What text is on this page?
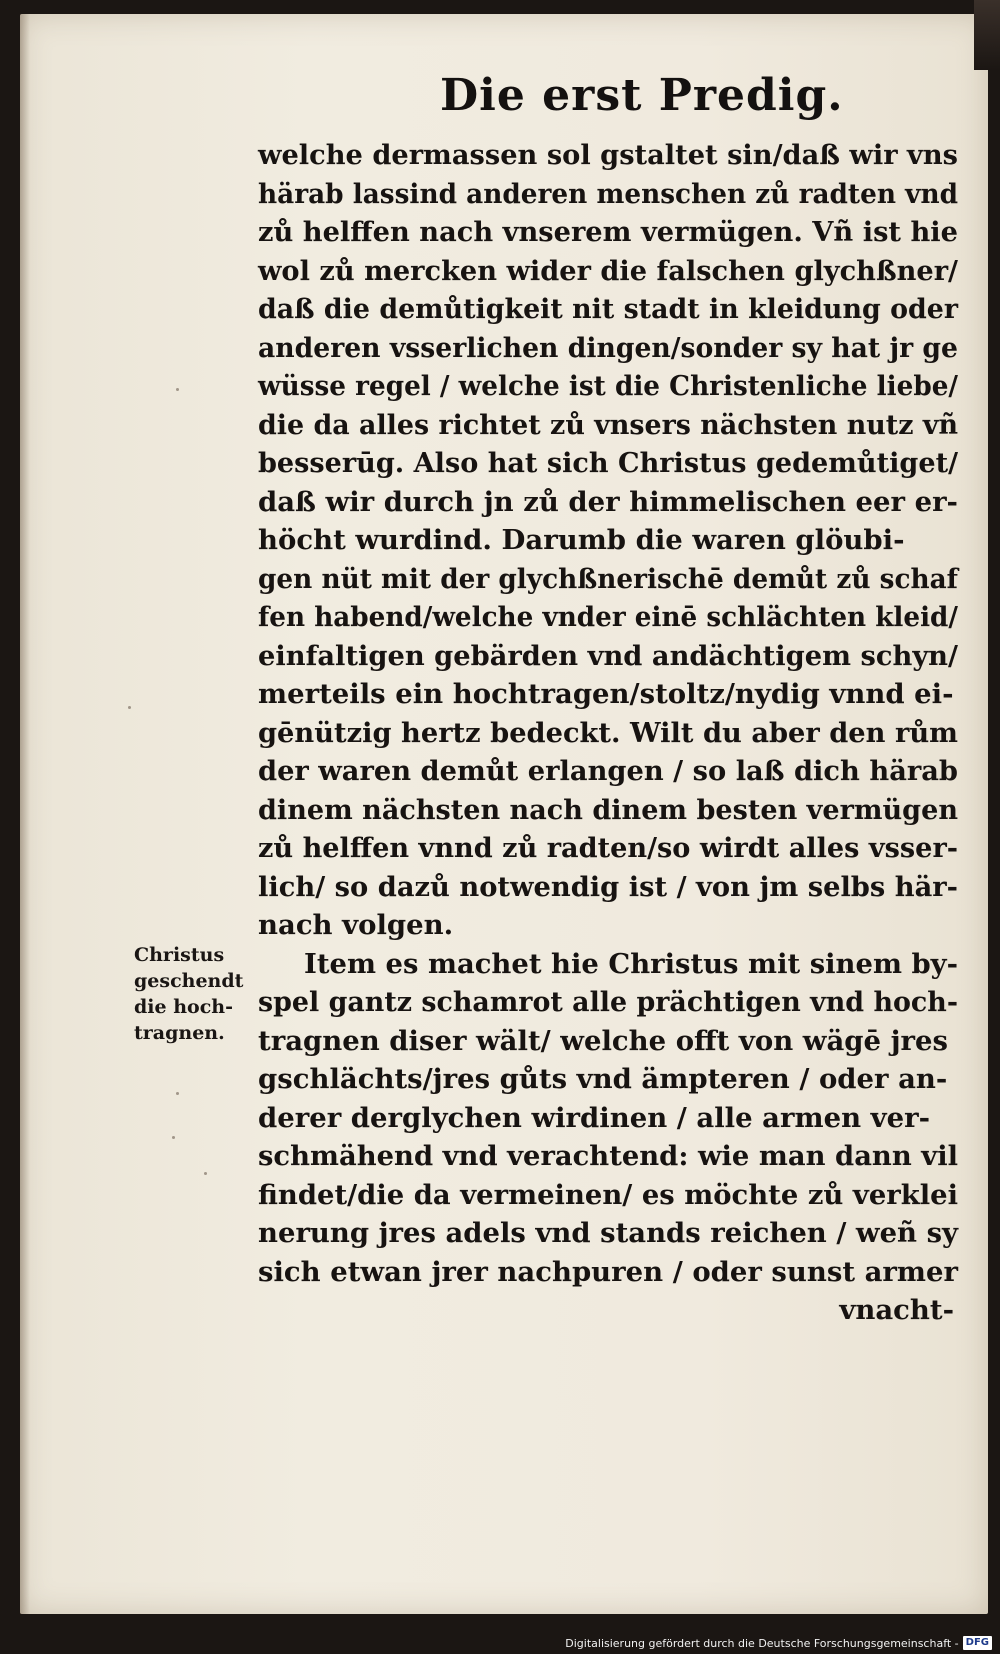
Die erst Predig.
welche dermassen sol gstaltet sin/daß wir vns
härab lassind anderen menschen zů radten vnd
zů helffen nach vnserem vermügen. Vñ ist hie
wol zů mercken wider die falschen glychßner/
daß die demůtigkeit nit stadt in kleidung oder
anderen vsserlichen dingen/sonder sy hat jr ge
wüsse regel / welche ist die Christenliche liebe/
die da alles richtet zů vnsers nächsten nutz vñ
besserūg. Also hat sich Christus gedemůtiget/
daß wir durch jn zů der himmelischen eer er-
höcht wurdind. Darumb die waren glöubi-
gen nüt mit der glychßnerischē demůt zů schaf
fen habend/welche vnder einē schlächten kleid/
einfaltigen gebärden vnd andächtigem schyn/
merteils ein hochtragen/stoltz/nydig vnnd ei-
gēnützig hertz bedeckt. Wilt du aber den rům
der waren demůt erlangen / so laß dich härab
dinem nächsten nach dinem besten vermügen
zů helffen vnnd zů radten/so wirdt alles vsser-
lich/ so dazů notwendig ist / von jm selbs här-
nach volgen.
Item es machet hie Christus mit sinem by-
spel gantz schamrot alle prächtigen vnd hoch-
tragnen diser wält/ welche offt von wägē jres
gschlächts/jres gůts vnd ämpteren / oder an-
derer derglychen wirdinen / alle armen ver-
schmähend vnd verachtend: wie man dann vil
findet/die da vermeinen/ es möchte zů verklei
nerung jres adels vnd stands reichen / weñ sy
sich etwan jrer nachpuren / oder sunst armer
vnacht-
Christus
geschendt
die hoch-
tragnen.
Digitalisierung gefördert durch die Deutsche Forschungsgemeinschaft - DFG
